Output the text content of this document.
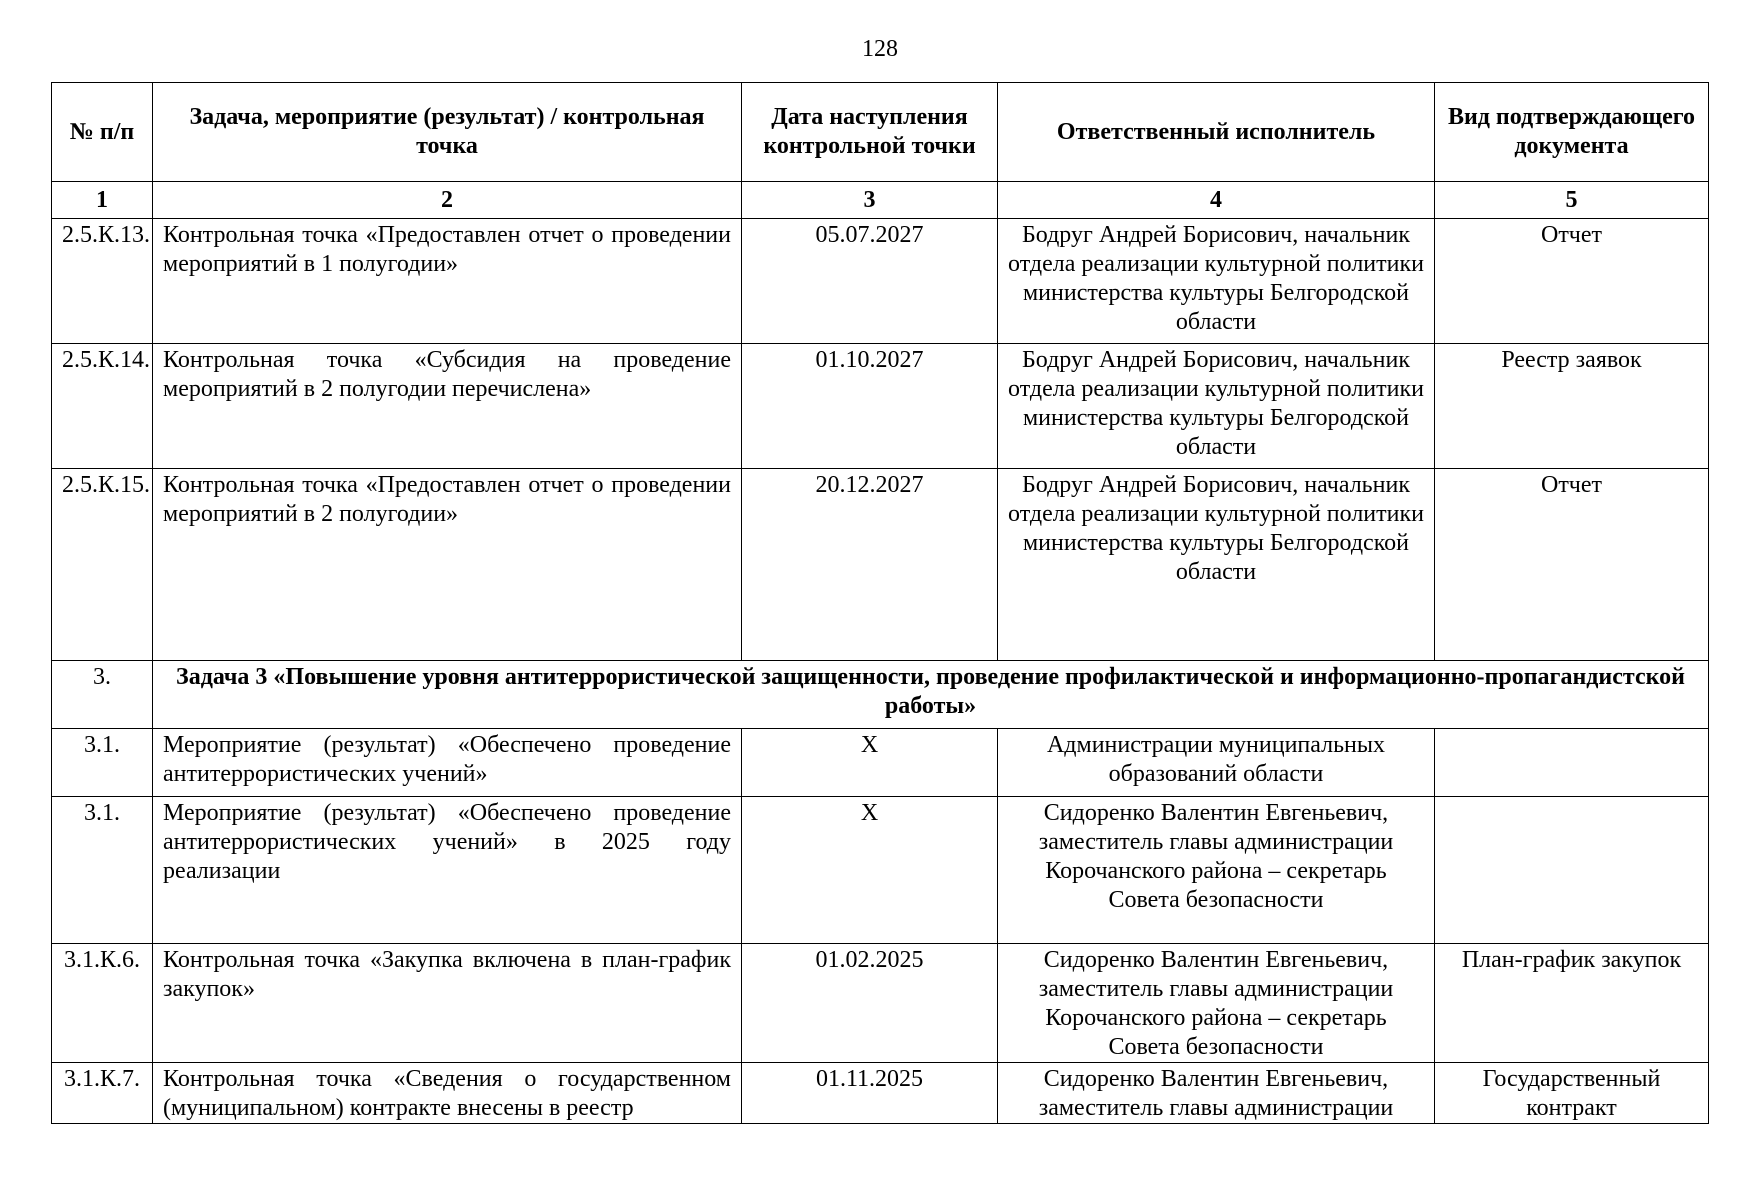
128
№ п/п	Задача, мероприятие (результат) / контрольная точка	Дата наступления контрольной точки	Ответственный исполнитель	Вид подтверждающего документа
1	2	3	4	5
2.5.К.13.	Контрольная точка «Предоставлен отчет о проведении мероприятий в 1 полугодии»	05.07.2027	Бодруг Андрей Борисович, начальник отдела реализации культурной политики министерства культуры Белгородской области	Отчет
2.5.К.14.	Контрольная точка «Субсидия на проведение мероприятий в 2 полугодии перечислена»	01.10.2027	Бодруг Андрей Борисович, начальник отдела реализации культурной политики министерства культуры Белгородской области	Реестр заявок
2.5.К.15.	Контрольная точка «Предоставлен отчет о проведении мероприятий в 2 полугодии»	20.12.2027	Бодруг Андрей Борисович, начальник отдела реализации культурной политики министерства культуры Белгородской области	Отчет
3.	Задача 3 «Повышение уровня антитеррористической защищенности, проведение профилактической и информационно-пропагандистской работы»			
3.1.	Мероприятие (результат) «Обеспечено проведение антитеррористических учений»	Х	Администрации муниципальных образований области	
3.1.	Мероприятие (результат) «Обеспечено проведение антитеррористических учений» в 2025 году реализации	Х	Сидоренко Валентин Евгеньевич, заместитель главы администрации Корочанского района – секретарь Совета безопасности	
3.1.К.6.	Контрольная точка «Закупка включена в план-график закупок»	01.02.2025	Сидоренко Валентин Евгеньевич, заместитель главы администрации Корочанского района – секретарь Совета безопасности	План-график закупок
3.1.К.7.	Контрольная точка «Сведения о государственном (муниципальном) контракте внесены в реестр	01.11.2025	Сидоренко Валентин Евгеньевич, заместитель главы администрации	Государственный контракт
